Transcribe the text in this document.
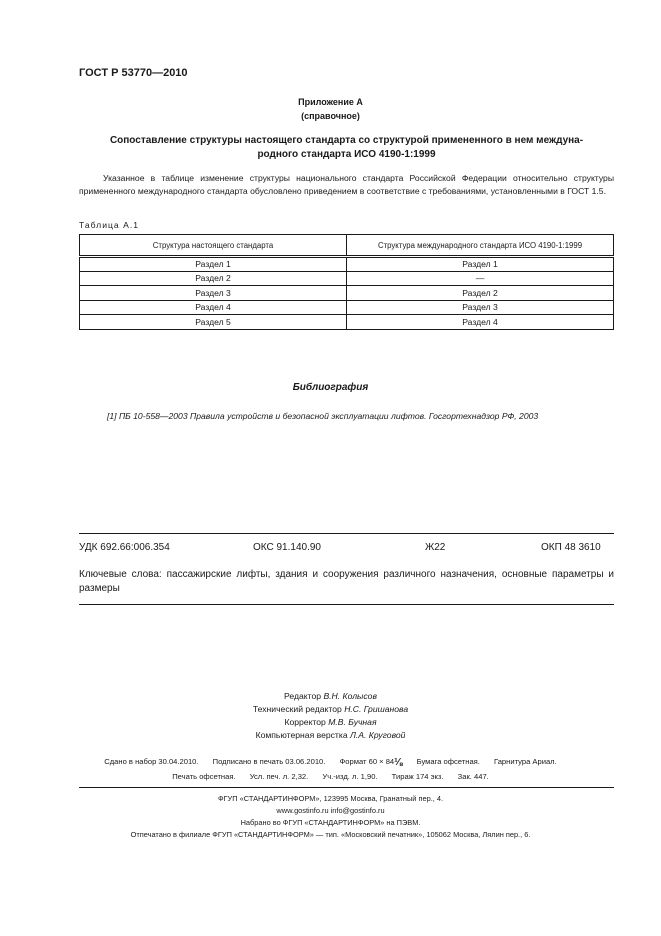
ГОСТ Р 53770—2010
Приложение А
(справочное)
Сопоставление структуры настоящего стандарта со структурой примененного в нем междуна-
родного стандарта ИСО 4190-1:1999

Указанное в таблице изменение структуры национального стандарта Российской Федерации относительно структуры примененного международного стандарта обусловлено приведением в соответствие с требованиями, установленными в ГОСТ 1.5.

Таблица А.1
Структура настоящего стандарта	Структура международного стандарта ИСО 4190-1:1999
Раздел 1	Раздел 1
Раздел 2	—
Раздел 3	Раздел 2
Раздел 4	Раздел 3
Раздел 5	Раздел 4
Библиография

[1] ПБ 10-558—2003 Правила устройств и безопасной эксплуатации лифтов. Госгортехнадзор РФ, 2003

УДК 692.66:006.354	ОКС 91.140.90	Ж22	ОКП 48 3610

Ключевые слова: пассажирские лифты, здания и сооружения различного назначения, основные параметры и размеры

Редактор В.Н. Колысов
Технический редактор Н.С. Гришанова
Корректор М.В. Бучная
Компьютерная верстка Л.А. Круговой
Сдано в набор 30.04.2010. Подписано в печать 03.06.2010. Формат 60 × 84⅛ Бумага офсетная. Гарнитура Ариал.
Печать офсетная. Усл. печ. л. 2,32. Уч.-изд. л. 1,90. Тираж 174 экз. Зак. 447.
ФГУП «СТАНДАРТИНФОРМ», 123995 Москва, Гранатный пер., 4.
www.gostinfo.ru info@gostinfo.ru
Набрано во ФГУП «СТАНДАРТИНФОРМ» на ПЭВМ.
Отпечатано в филиале ФГУП «СТАНДАРТИНФОРМ» — тип. «Московский печатник», 105062 Москва, Лялин пер., 6.
